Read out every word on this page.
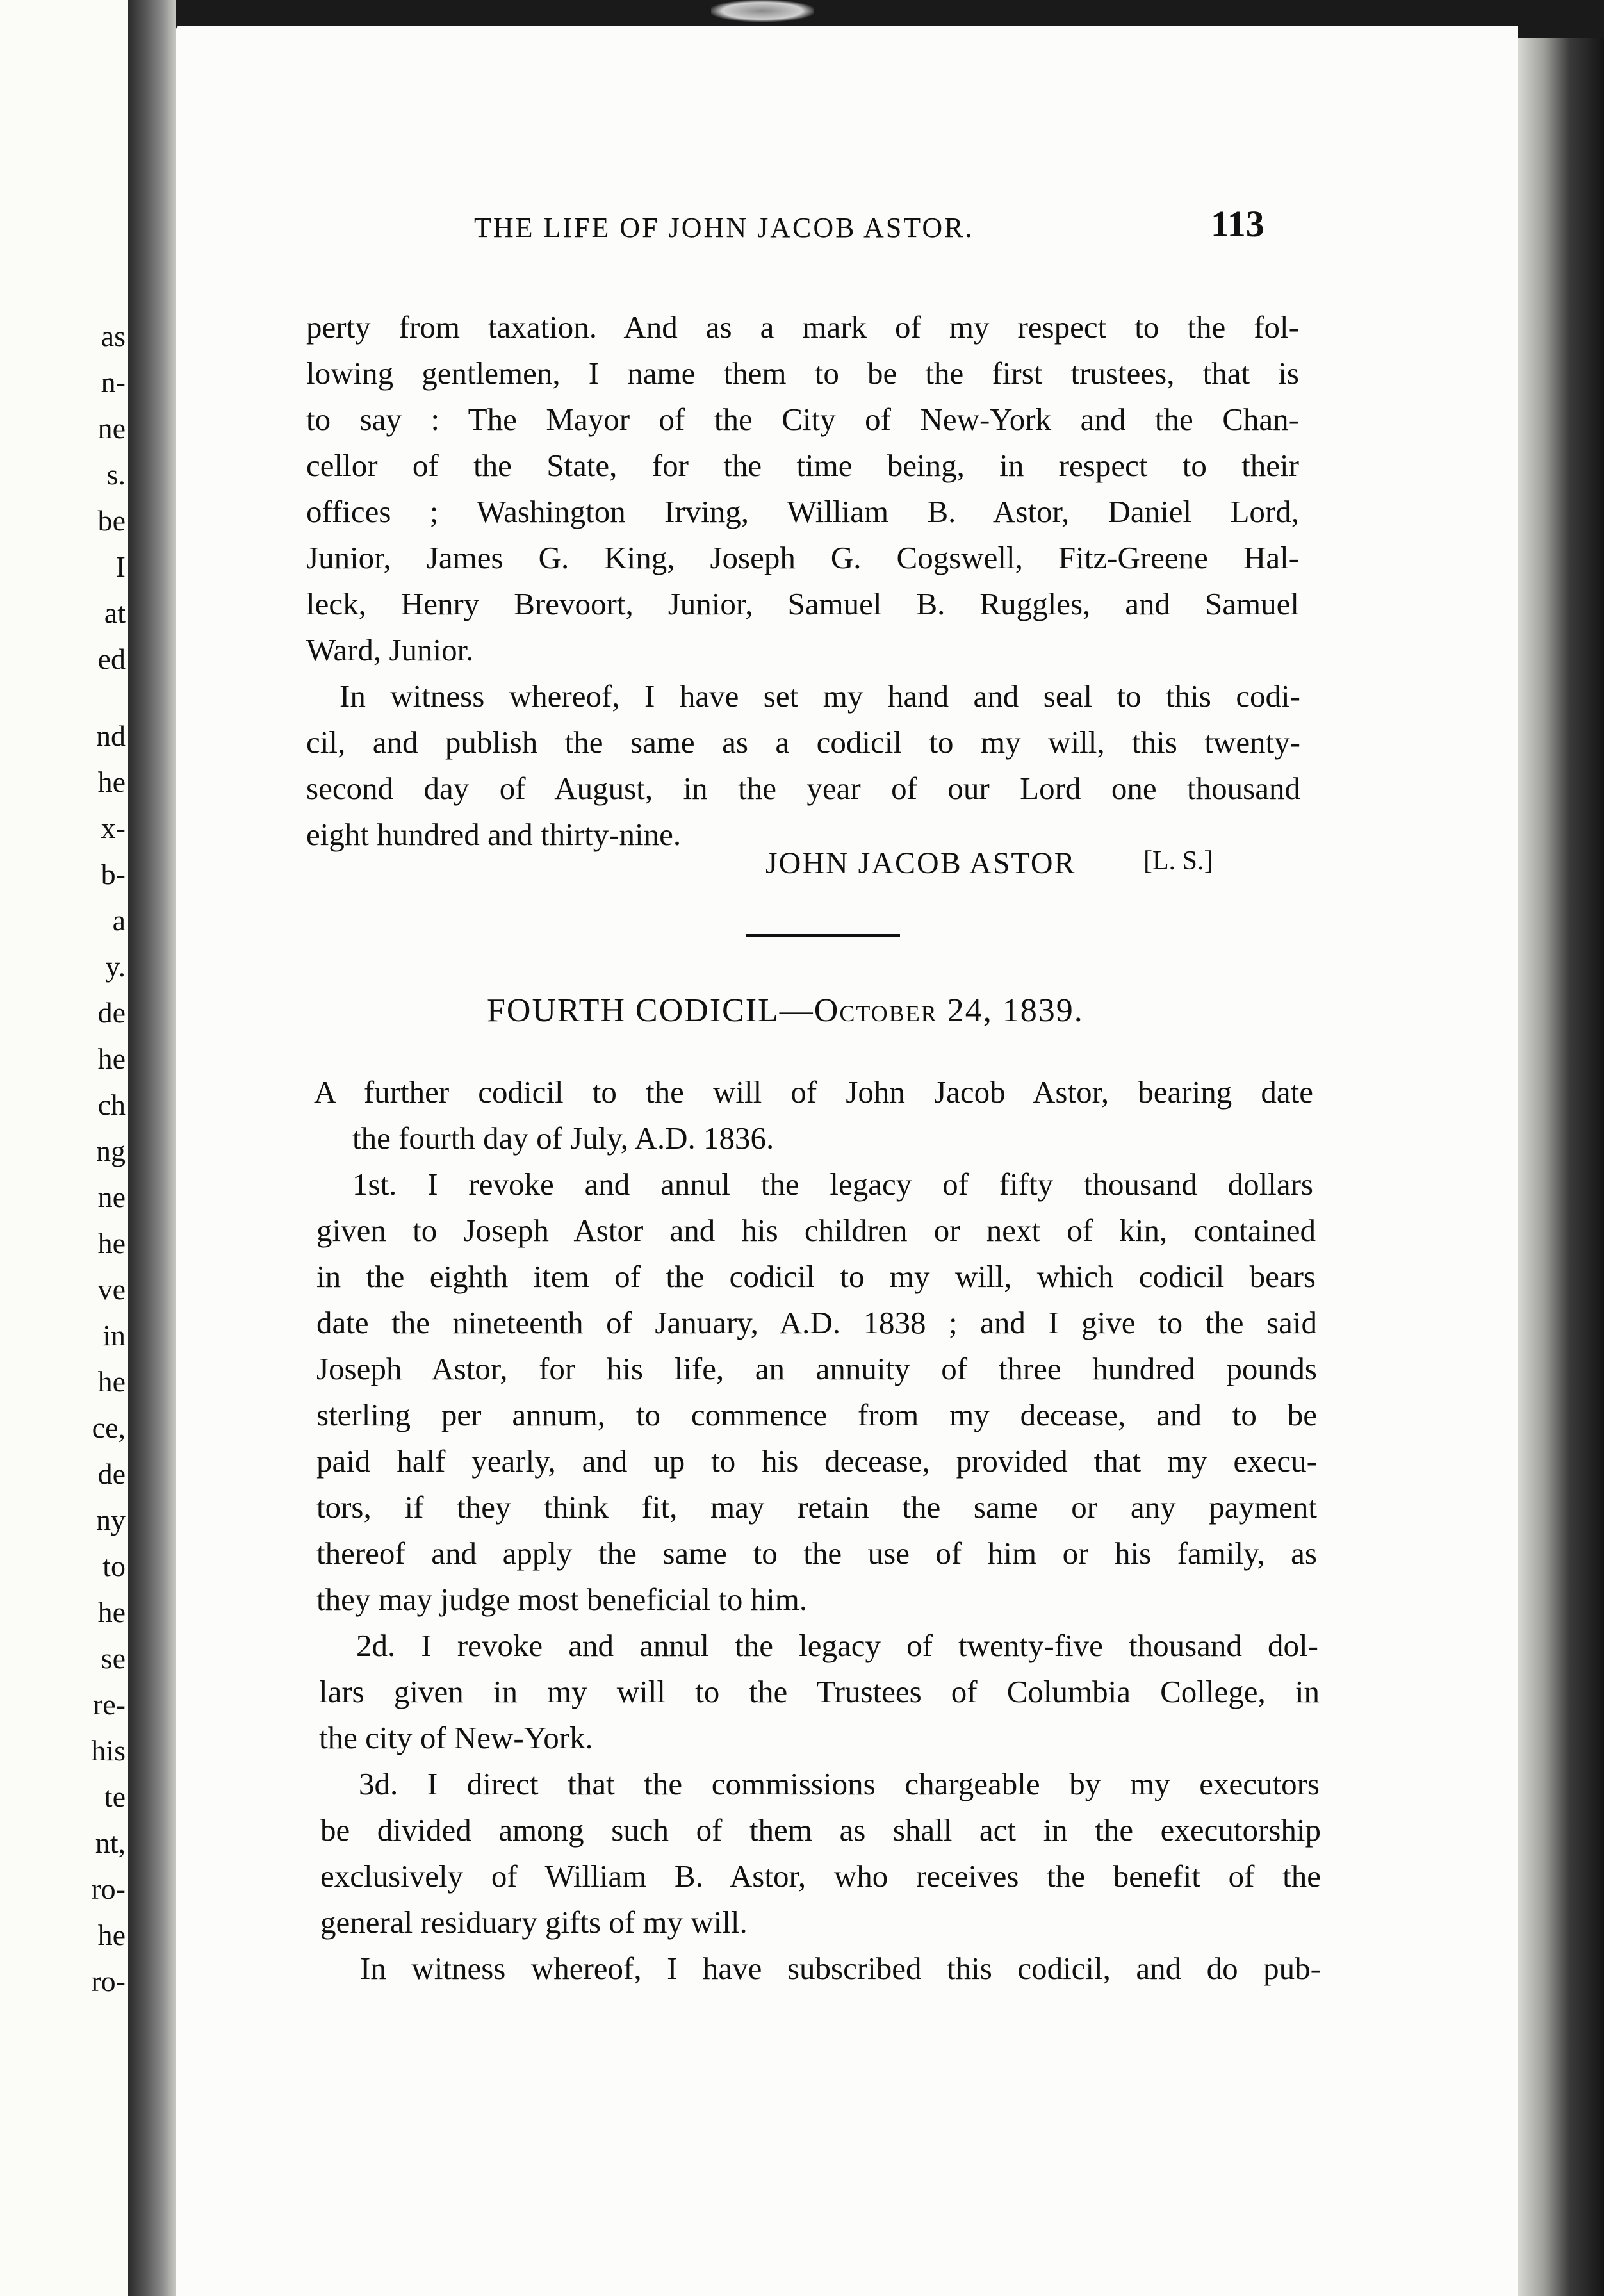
as
n-
ne
s.
be
I
at
ed
nd
he
x-
b-
a
y.
de
he
ch
ng
ne
he
ve
in
he
ce,
de
ny
to
he
se
re-
his
te
nt,
ro-
he
ro-
THE LIFE OF JOHN JACOB ASTOR.	113
perty from taxation. And as a mark of my respect to the fol-
lowing gentlemen, I name them to be the first trustees, that is
to say : The Mayor of the City of New-York and the Chan-
cellor of the State, for the time being, in respect to their
offices ; Washington Irving, William B. Astor, Daniel Lord,
Junior, James G. King, Joseph G. Cogswell, Fitz-Greene Hal-
leck, Henry Brevoort, Junior, Samuel B. Ruggles, and Samuel
Ward, Junior.
In witness whereof, I have set my hand and seal to this codi-
cil, and publish the same as a codicil to my will, this twenty-
second day of August, in the year of our Lord one thousand
eight hundred and thirty-nine.
JOHN JACOB ASTOR	[L. S.]
FOURTH CODICIL—October 24, 1839.
A further codicil to the will of John Jacob Astor, bearing date
the fourth day of July, A.D. 1836.
1st. I revoke and annul the legacy of fifty thousand dollars
given to Joseph Astor and his children or next of kin, contained
in the eighth item of the codicil to my will, which codicil bears
date the nineteenth of January, A.D. 1838 ; and I give to the said
Joseph Astor, for his life, an annuity of three hundred pounds
sterling per annum, to commence from my decease, and to be
paid half yearly, and up to his decease, provided that my execu-
tors, if they think fit, may retain the same or any payment
thereof and apply the same to the use of him or his family, as
they may judge most beneficial to him.
2d. I revoke and annul the legacy of twenty-five thousand dol-
lars given in my will to the Trustees of Columbia College, in
the city of New-York.
3d. I direct that the commissions chargeable by my executors
be divided among such of them as shall act in the executorship
exclusively of William B. Astor, who receives the benefit of the
general residuary gifts of my will.
In witness whereof, I have subscribed this codicil, and do pub-
